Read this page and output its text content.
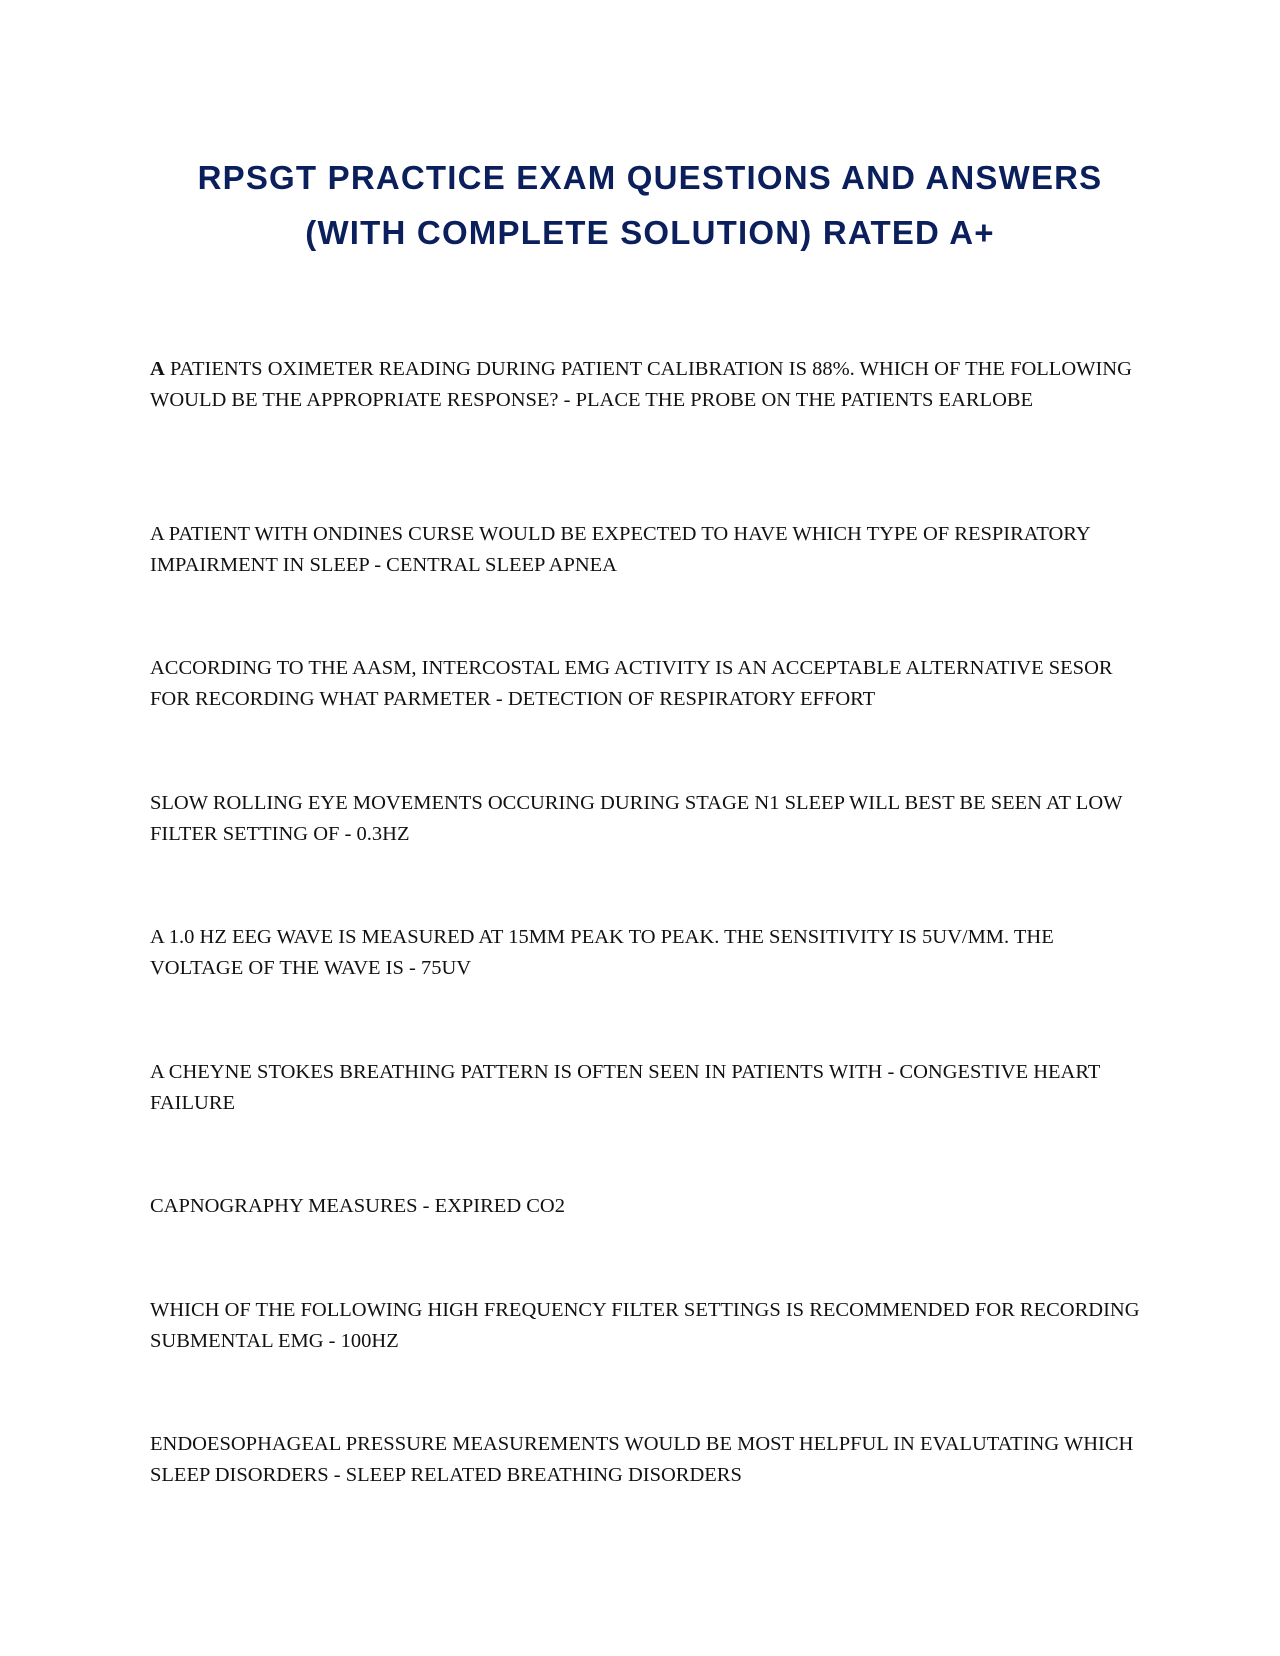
RPSGT PRACTICE EXAM QUESTIONS AND ANSWERS
(WITH COMPLETE SOLUTION) RATED A+
A PATIENTS OXIMETER READING DURING PATIENT CALIBRATION IS 88%. WHICH OF THE FOLLOWING WOULD BE THE APPROPRIATE RESPONSE? - PLACE THE PROBE ON THE PATIENTS EARLOBE
A PATIENT WITH ONDINES CURSE WOULD BE EXPECTED TO HAVE WHICH TYPE OF RESPIRATORY IMPAIRMENT IN SLEEP - CENTRAL SLEEP APNEA
ACCORDING TO THE AASM, INTERCOSTAL EMG ACTIVITY IS AN ACCEPTABLE ALTERNATIVE SESOR FOR RECORDING WHAT PARMETER - DETECTION OF RESPIRATORY EFFORT
SLOW ROLLING EYE MOVEMENTS OCCURING DURING STAGE N1 SLEEP WILL BEST BE SEEN AT LOW FILTER SETTING OF - 0.3HZ
A 1.0 HZ EEG WAVE IS MEASURED AT 15MM PEAK TO PEAK. THE SENSITIVITY IS 5UV/MM. THE VOLTAGE OF THE WAVE IS - 75UV
A CHEYNE STOKES BREATHING PATTERN IS OFTEN SEEN IN PATIENTS WITH - CONGESTIVE HEART FAILURE
CAPNOGRAPHY MEASURES - EXPIRED CO2
WHICH OF THE FOLLOWING HIGH FREQUENCY FILTER SETTINGS IS RECOMMENDED FOR RECORDING SUBMENTAL EMG - 100HZ
ENDOESOPHAGEAL PRESSURE MEASUREMENTS WOULD BE MOST HELPFUL IN EVALUTATING WHICH SLEEP DISORDERS - SLEEP RELATED BREATHING DISORDERS
